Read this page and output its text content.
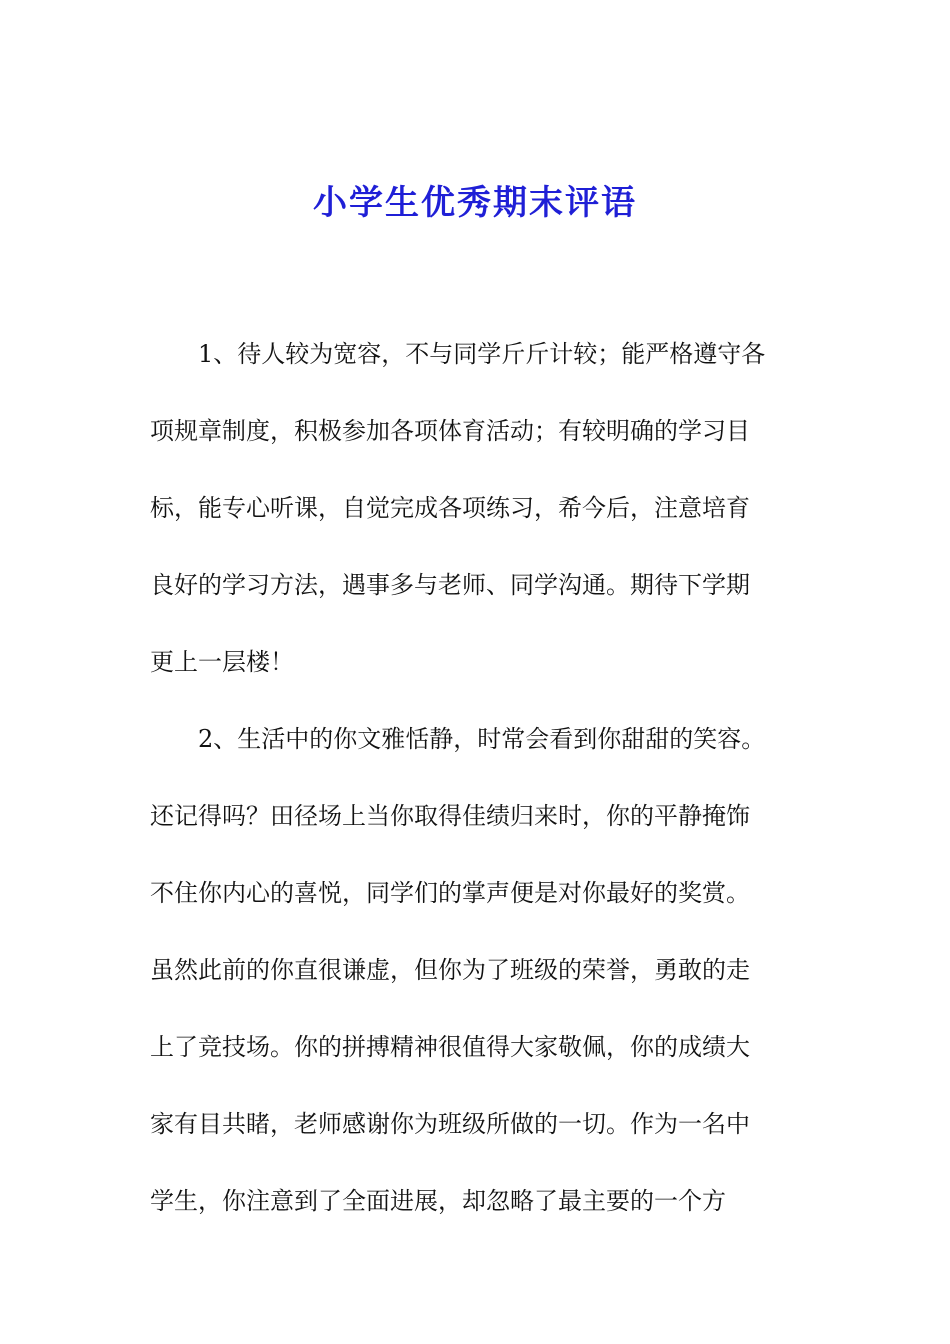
小学生优秀期末评语
1、待人较为宽容，不与同学斤斤计较；能严格遵守各
项规章制度，积极参加各项体育活动；有较明确的学习目
标，能专心听课，自觉完成各项练习，希今后，注意培育
良好的学习方法，遇事多与老师、同学沟通。期待下学期
更上一层楼！
2、生活中的你文雅恬静，时常会看到你甜甜的笑容。
还记得吗？田径场上当你取得佳绩归来时，你的平静掩饰
不住你内心的喜悦，同学们的掌声便是对你最好的奖赏。
虽然此前的你直很谦虚，但你为了班级的荣誉，勇敢的走
上了竞技场。你的拼搏精神很值得大家敬佩，你的成绩大
家有目共睹，老师感谢你为班级所做的一切。作为一名中
学生，你注意到了全面进展，却忽略了最主要的一个方
